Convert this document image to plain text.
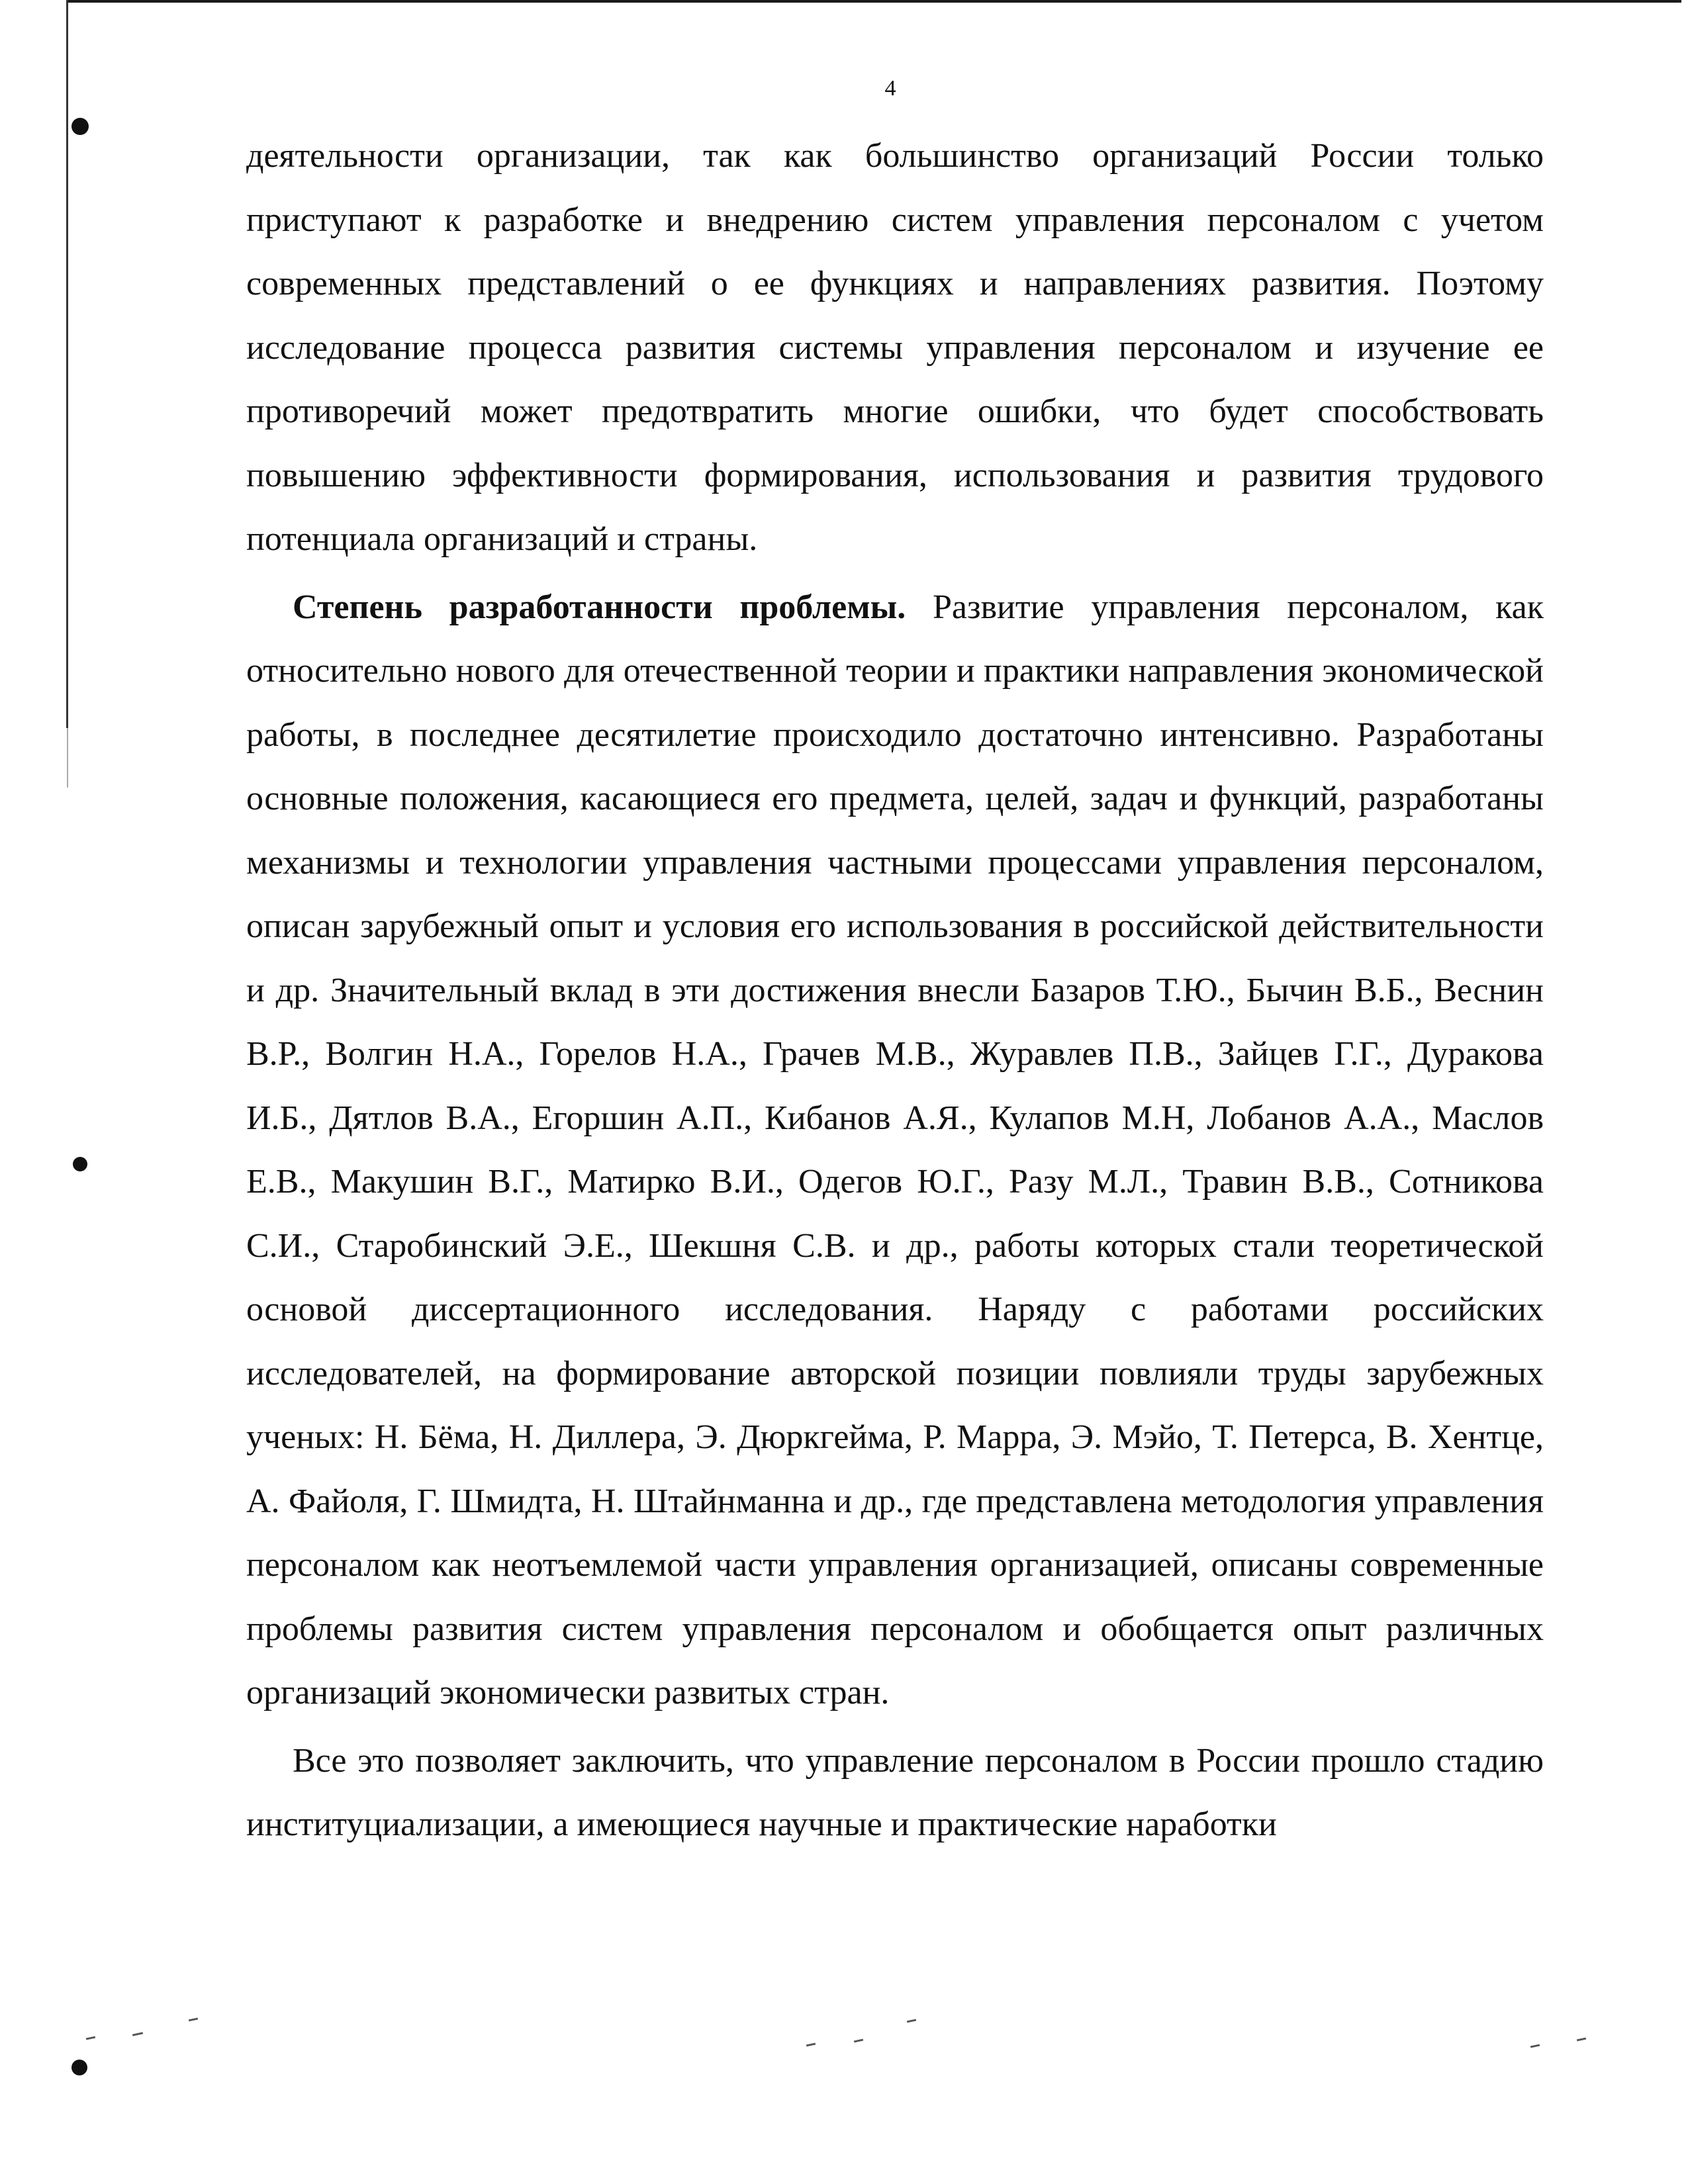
4

деятельности организации, так как большинство организаций России только приступают к разработке и внедрению систем управления персоналом с учетом современных представлений о ее функциях и направлениях развития. Поэтому исследование процесса развития системы управления персоналом и изучение ее противоречий может предотвратить многие ошибки, что будет способствовать повышению эффективности формирования, использования и развития трудового потенциала организаций и страны.

Степень разработанности проблемы. Развитие управления персоналом, как относительно нового для отечественной теории и практики направления экономической работы, в последнее десятилетие происходило достаточно интенсивно. Разработаны основные положения, касающиеся его предмета, целей, задач и функций, разработаны механизмы и технологии управления частными процессами управления персоналом, описан зарубежный опыт и условия его использования в российской действительности и др. Значительный вклад в эти достижения внесли Базаров Т.Ю., Бычин В.Б., Веснин В.Р., Волгин Н.А., Горелов Н.А., Грачев М.В., Журавлев П.В., Зайцев Г.Г., Дуракова И.Б., Дятлов В.А., Егоршин А.П., Кибанов А.Я., Кулапов М.Н, Лобанов А.А., Маслов Е.В., Макушин В.Г., Матирко В.И., Одегов Ю.Г., Разу М.Л., Травин В.В., Сотникова С.И., Старобинский Э.Е., Шекшня С.В. и др., работы которых стали теоретической основой диссертационного исследования. Наряду с работами российских исследователей, на формирование авторской позиции повлияли труды зарубежных ученых: Н. Бёма, Н. Диллера, Э. Дюркгейма, Р. Марра, Э. Мэйо, Т. Петерса, В. Хентце, А. Файоля, Г. Шмидта, Н. Штайнманна и др., где представлена методология управления персоналом как неотъемлемой части управления организацией, описаны современные проблемы развития систем управления персоналом и обобщается опыт различных организаций экономически развитых стран.

Все это позволяет заключить, что управление персоналом в России прошло стадию институциализации, а имеющиеся научные и практические наработки
